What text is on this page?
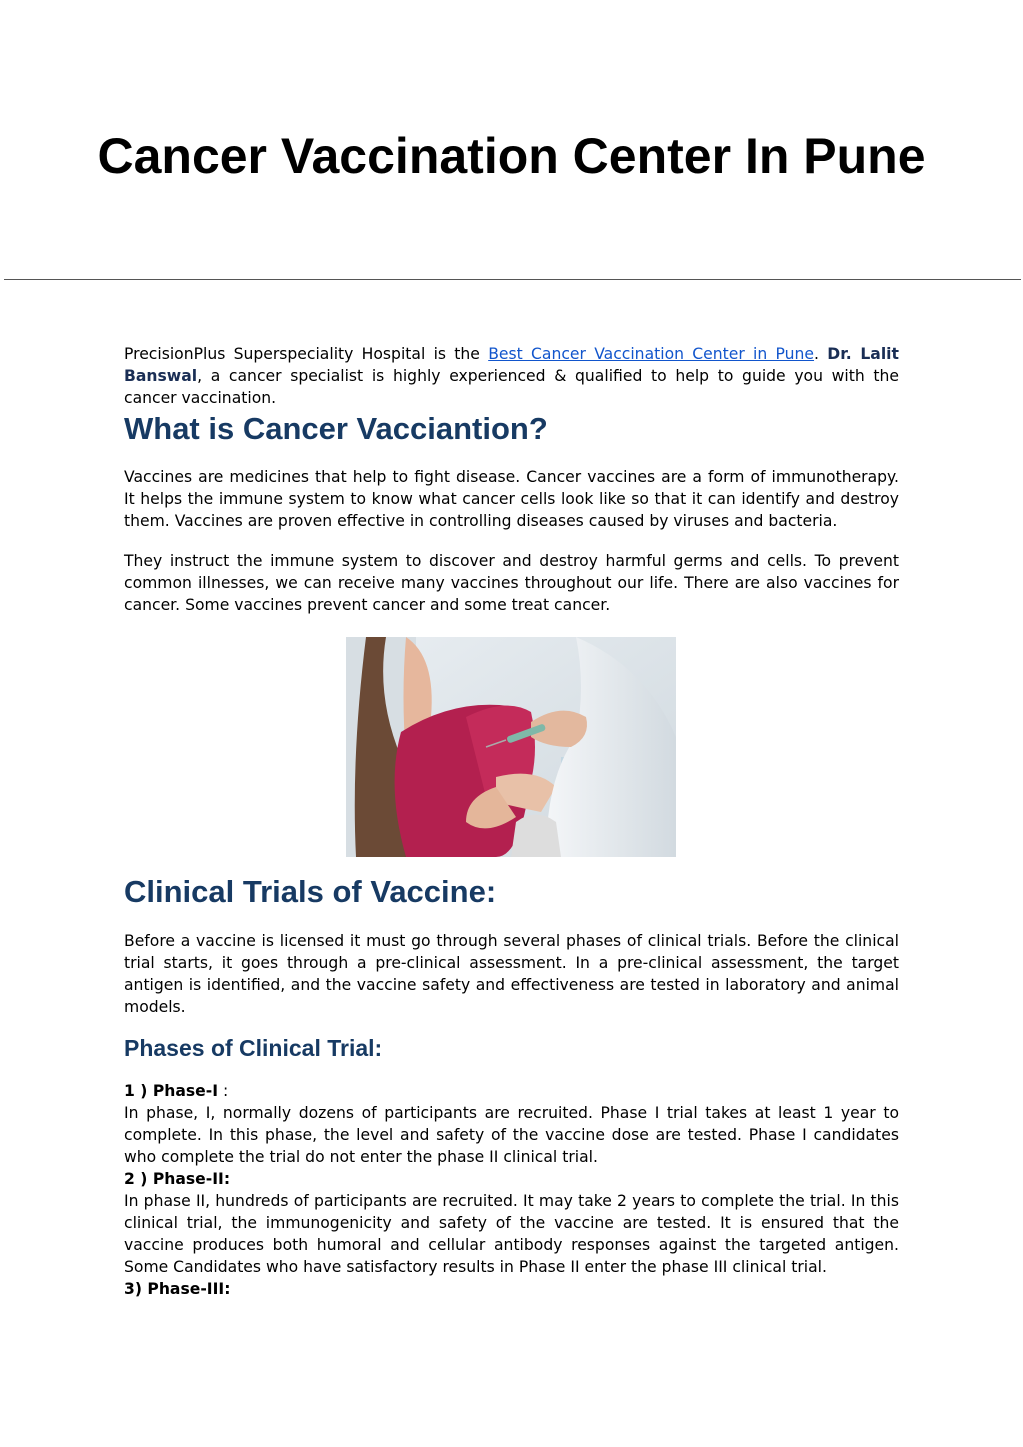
Cancer Vaccination Center In Pune

PrecisionPlus Superspeciality Hospital is the Best Cancer Vaccination Center in Pune. Dr. Lalit Banswal, a cancer specialist is highly experienced & qualified to help to guide you with the cancer vaccination.

What is Cancer Vacciantion?

Vaccines are medicines that help to fight disease. Cancer vaccines are a form of immunotherapy. It helps the immune system to know what cancer cells look like so that it can identify and destroy them. Vaccines are proven effective in controlling diseases caused by viruses and bacteria.

They instruct the immune system to discover and destroy harmful germs and cells. To prevent common illnesses, we can receive many vaccines throughout our life. There are also vaccines for cancer. Some vaccines prevent cancer and some treat cancer.

Clinical Trials of Vaccine:

Before a vaccine is licensed it must go through several phases of clinical trials. Before the clinical trial starts, it goes through a pre-clinical assessment. In a pre-clinical assessment, the target antigen is identified, and the vaccine safety and effectiveness are tested in laboratory and animal models.

Phases of Clinical Trial:

1 ) Phase-I :

In phase, I, normally dozens of participants are recruited. Phase I trial takes at least 1 year to complete. In this phase, the level and safety of the vaccine dose are tested. Phase I candidates who complete the trial do not enter the phase II clinical trial.

2 ) Phase-II:

In phase II, hundreds of participants are recruited. It may take 2 years to complete the trial. In this clinical trial, the immunogenicity and safety of the vaccine are tested. It is ensured that the vaccine produces both humoral and cellular antibody responses against the targeted antigen. Some Candidates who have satisfactory results in Phase II enter the phase III clinical trial.

3) Phase-III:
